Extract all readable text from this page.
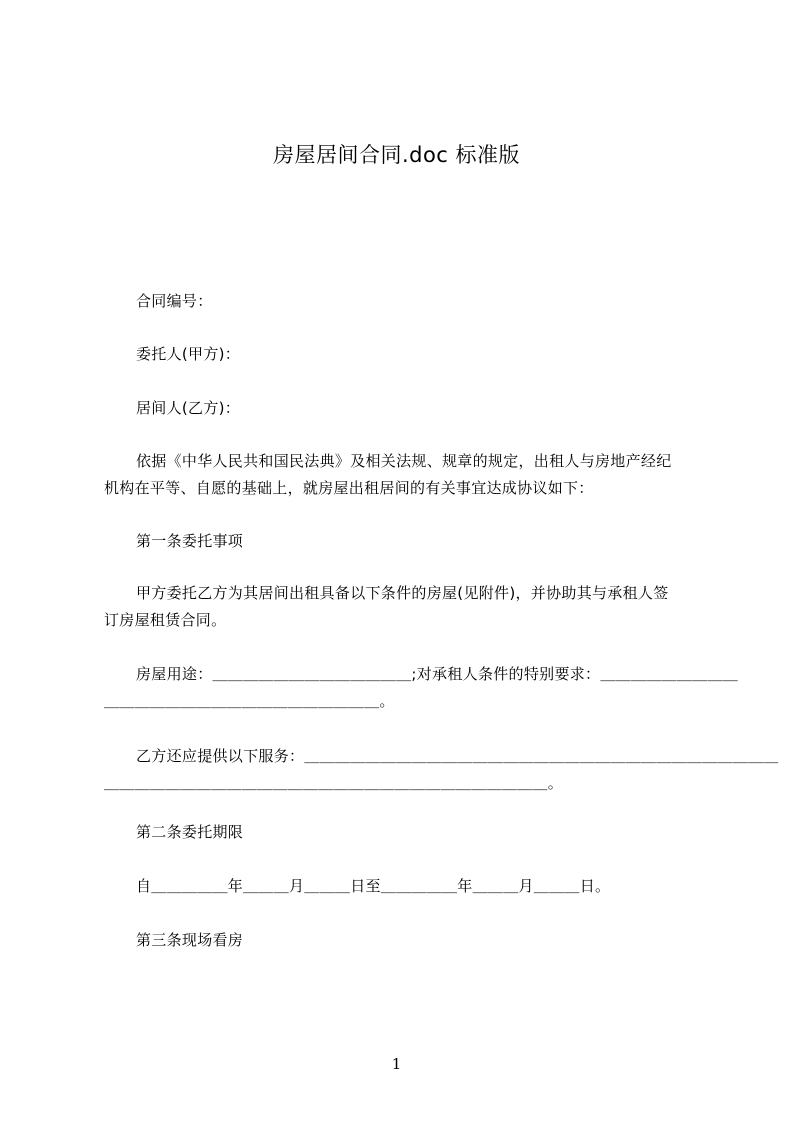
房屋居间合同.doc 标准版
合同编号：
委托人(甲方)：
居间人(乙方)：
依据《中华人民共和国民法典》及相关法规、规章的规定，出租人与房地产经纪
机构在平等、自愿的基础上，就房屋出租居间的有关事宜达成协议如下：
第一条委托事项
甲方委托乙方为其居间出租具备以下条件的房屋(见附件)，并协助其与承租人签
订房屋租赁合同。
房屋用途：＿＿＿＿＿＿＿＿＿＿＿＿＿;对承租人条件的特别要求：＿＿＿＿＿＿＿＿＿
＿＿＿＿＿＿＿＿＿＿＿＿＿＿＿＿＿＿。
乙方还应提供以下服务：＿＿＿＿＿＿＿＿＿＿＿＿＿＿＿＿＿＿＿＿＿＿＿＿＿＿＿＿＿＿＿
＿＿＿＿＿＿＿＿＿＿＿＿＿＿＿＿＿＿＿＿＿＿＿＿＿＿＿＿＿。
第二条委托期限
自＿＿＿＿＿年＿＿＿月＿＿＿日至＿＿＿＿＿年＿＿＿月＿＿＿日。
第三条现场看房
1
